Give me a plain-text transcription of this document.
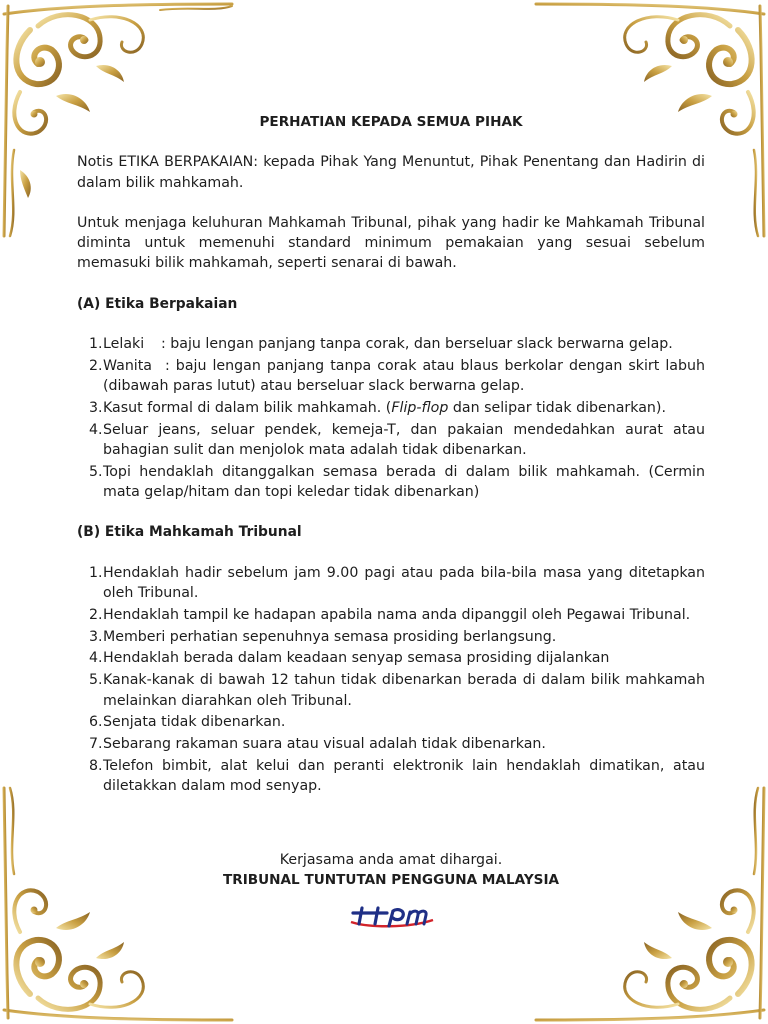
PERHATIAN KEPADA SEMUA PIHAK

Notis ETIKA BERPAKAIAN: kepada Pihak Yang Menuntut, Pihak Penentang dan Hadirin di dalam bilik mahkamah.

Untuk menjaga keluhuran Mahkamah Tribunal, pihak yang hadir ke Mahkamah Tribunal diminta untuk memenuhi standard minimum pemakaian yang sesuai sebelum memasuki bilik mahkamah, seperti senarai di bawah.

(A) Etika Berpakaian
1. Lelaki : baju lengan panjang tanpa corak, dan berseluar slack berwarna gelap.
2. Wanita : baju lengan panjang tanpa corak atau blaus berkolar dengan skirt labuh (dibawah paras lutut) atau berseluar slack berwarna gelap.
3. Kasut formal di dalam bilik mahkamah. (Flip-flop dan selipar tidak dibenarkan).
4. Seluar jeans, seluar pendek, kemeja-T, dan pakaian mendedahkan aurat atau bahagian sulit dan menjolok mata adalah tidak dibenarkan.
5. Topi hendaklah ditanggalkan semasa berada di dalam bilik mahkamah. (Cermin mata gelap/hitam dan topi keledar tidak dibenarkan)
(B) Etika Mahkamah Tribunal
1. Hendaklah hadir sebelum jam 9.00 pagi atau pada bila-bila masa yang ditetapkan oleh Tribunal.
2. Hendaklah tampil ke hadapan apabila nama anda dipanggil oleh Pegawai Tribunal.
3. Memberi perhatian sepenuhnya semasa prosiding berlangsung.
4. Hendaklah berada dalam keadaan senyap semasa prosiding dijalankan
5. Kanak-kanak di bawah 12 tahun tidak dibenarkan berada di dalam bilik mahkamah melainkan diarahkan oleh Tribunal.
6. Senjata tidak dibenarkan.
7. Sebarang rakaman suara atau visual adalah tidak dibenarkan.
8. Telefon bimbit, alat kelui dan peranti elektronik lain hendaklah dimatikan, atau diletakkan dalam mod senyap.
Kerjasama anda amat dihargai.
TRIBUNAL TUNTUTAN PENGGUNA MALAYSIA
